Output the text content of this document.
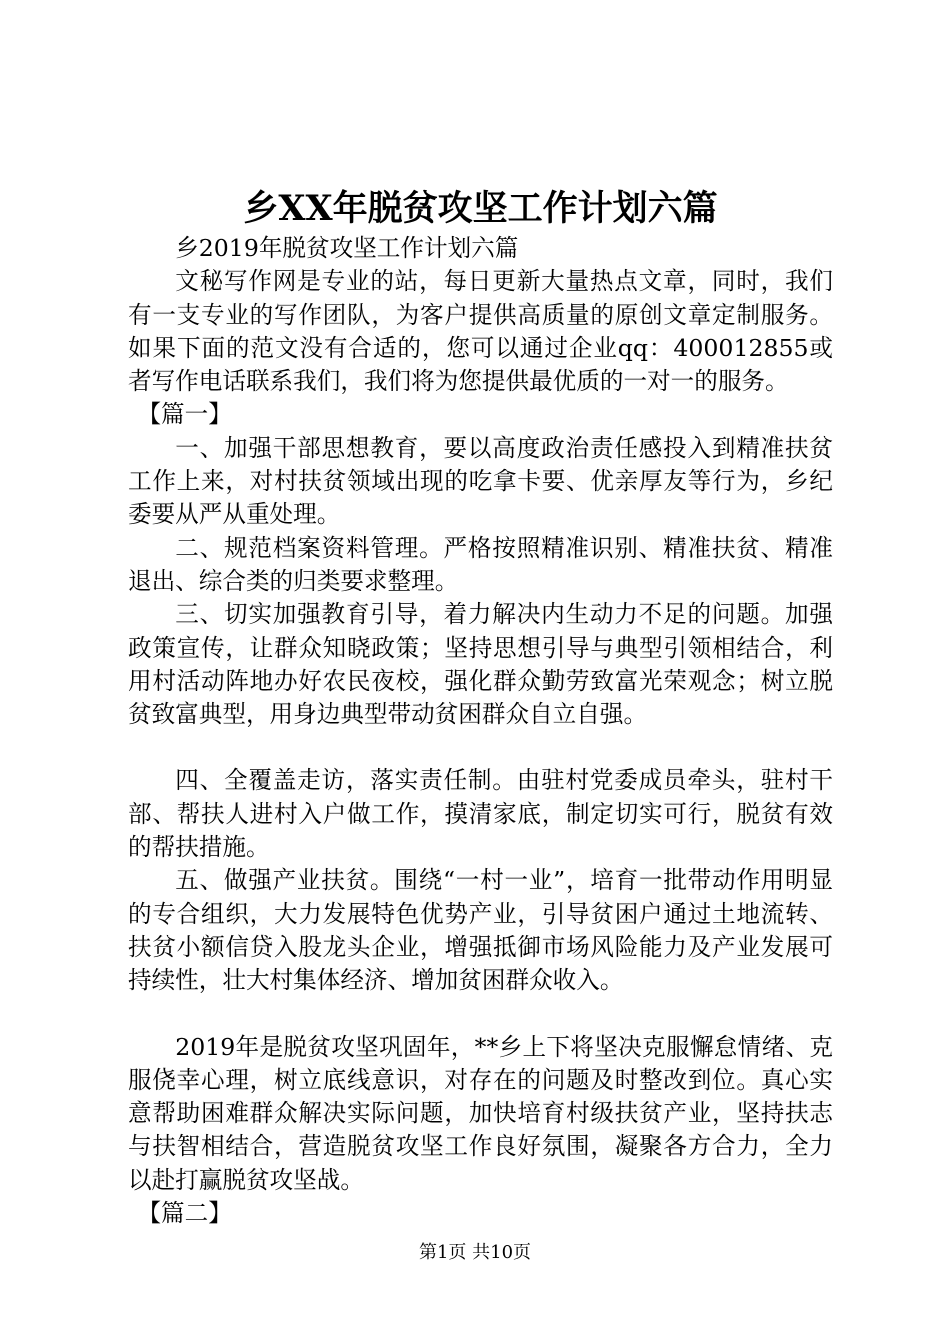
乡XX年脱贫攻坚工作计划六篇

乡2019年脱贫攻坚工作计划六篇

文秘写作网是专业的站，每日更新大量热点文章，同时，我们有一支专业的写作团队，为客户提供高质量的原创文章定制服务。如果下面的范文没有合适的，您可以通过企业qq：400012855或者写作电话联系我们，我们将为您提供最优质的一对一的服务。

【篇一】

一、加强干部思想教育，要以高度政治责任感投入到精准扶贫工作上来，对村扶贫领域出现的吃拿卡要、优亲厚友等行为，乡纪委要从严从重处理。

二、规范档案资料管理。严格按照精准识别、精准扶贫、精准退出、综合类的归类要求整理。

三、切实加强教育引导，着力解决内生动力不足的问题。加强政策宣传，让群众知晓政策；坚持思想引导与典型引领相结合，利用村活动阵地办好农民夜校，强化群众勤劳致富光荣观念；树立脱贫致富典型，用身边典型带动贫困群众自立自强。

四、全覆盖走访，落实责任制。由驻村党委成员牵头，驻村干部、帮扶人进村入户做工作，摸清家底，制定切实可行，脱贫有效的帮扶措施。

五、做强产业扶贫。围绕“一村一业”，培育一批带动作用明显的专合组织，大力发展特色优势产业，引导贫困户通过土地流转、扶贫小额信贷入股龙头企业，增强抵御市场风险能力及产业发展可持续性，壮大村集体经济、增加贫困群众收入。

2019年是脱贫攻坚巩固年，**乡上下将坚决克服懈怠情绪、克服侥幸心理，树立底线意识，对存在的问题及时整改到位。真心实意帮助困难群众解决实际问题，加快培育村级扶贫产业，坚持扶志与扶智相结合，营造脱贫攻坚工作良好氛围，凝聚各方合力，全力以赴打赢脱贫攻坚战。

【篇二】

第1页 共10页
